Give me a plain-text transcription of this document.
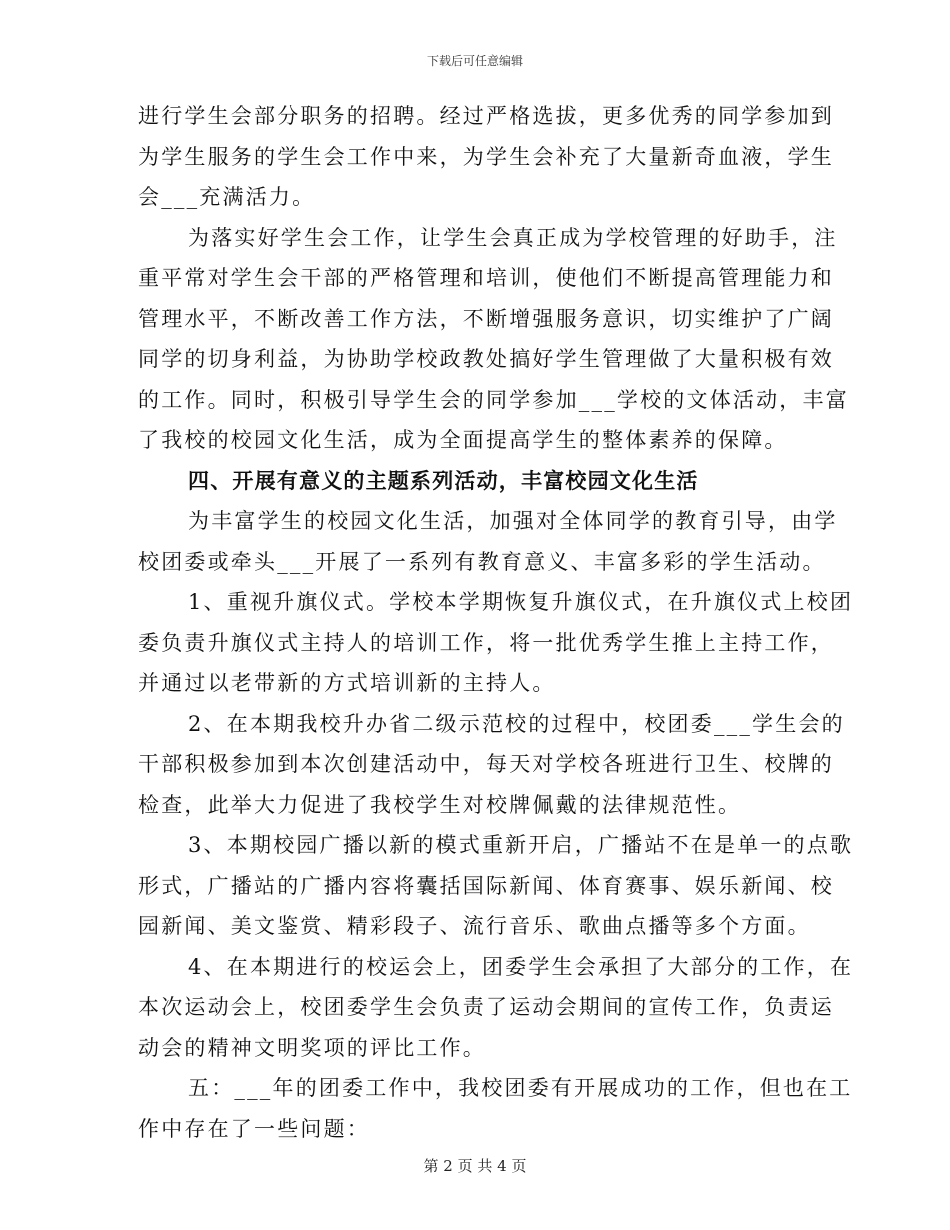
下载后可任意编辑
进行学生会部分职务的招聘。经过严格选拔，更多优秀的同学参加到
为学生服务的学生会工作中来，为学生会补充了大量新奇血液，学生
会___充满活力。
为落实好学生会工作，让学生会真正成为学校管理的好助手，注
重平常对学生会干部的严格管理和培训，使他们不断提高管理能力和
管理水平，不断改善工作方法，不断增强服务意识，切实维护了广阔
同学的切身利益，为协助学校政教处搞好学生管理做了大量积极有效
的工作。同时，积极引导学生会的同学参加___学校的文体活动，丰富
了我校的校园文化生活，成为全面提高学生的整体素养的保障。
四、开展有意义的主题系列活动，丰富校园文化生活
为丰富学生的校园文化生活，加强对全体同学的教育引导，由学
校团委或牵头___开展了一系列有教育意义、丰富多彩的学生活动。
1、重视升旗仪式。学校本学期恢复升旗仪式，在升旗仪式上校团
委负责升旗仪式主持人的培训工作，将一批优秀学生推上主持工作，
并通过以老带新的方式培训新的主持人。
2、在本期我校升办省二级示范校的过程中，校团委___学生会的
干部积极参加到本次创建活动中，每天对学校各班进行卫生、校牌的
检查，此举大力促进了我校学生对校牌佩戴的法律规范性。
3、本期校园广播以新的模式重新开启，广播站不在是单一的点歌
形式，广播站的广播内容将囊括国际新闻、体育赛事、娱乐新闻、校
园新闻、美文鉴赏、精彩段子、流行音乐、歌曲点播等多个方面。
4、在本期进行的校运会上，团委学生会承担了大部分的工作，在
本次运动会上，校团委学生会负责了运动会期间的宣传工作，负责运
动会的精神文明奖项的评比工作。
五：___年的团委工作中，我校团委有开展成功的工作，但也在工
作中存在了一些问题：
第 2 页 共 4 页
